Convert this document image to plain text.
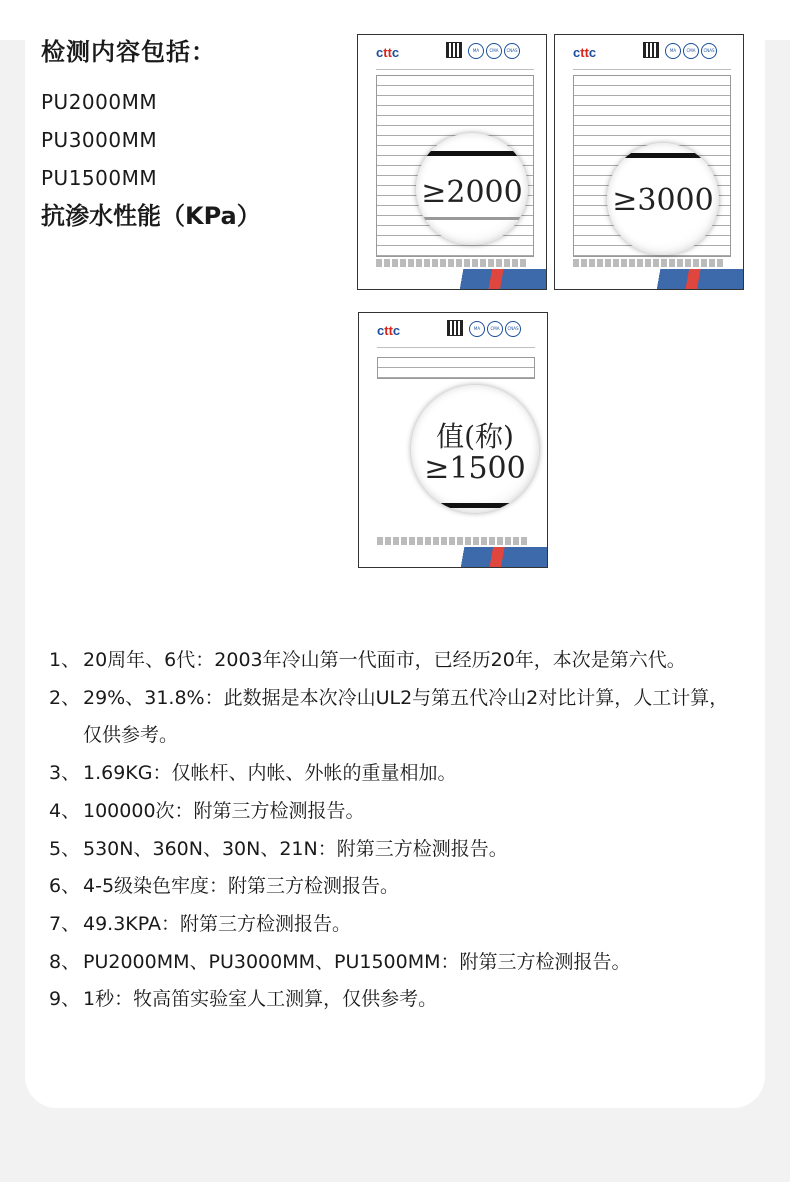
检测内容包括：
PU2000MM
PU3000MM
PU1500MM
抗渗水性能（KPa）
cttc	MA	CMA	CNAS
≥2000
cttc	MA	CMA	CNAS
≥3000
cttc	MA	CMA	CNAS
值(称)
≥1500
1、 20周年、6代：2003年冷山第一代面市，已经历20年，本次是第六代。
2、 29%、31.8%：此数据是本次冷山UL2与第五代冷山2对比计算，人工计算，仅供参考。
3、 1.69KG：仅帐杆、内帐、外帐的重量相加。
4、 100000次：附第三方检测报告。
5、 530N、360N、30N、21N：附第三方检测报告。
6、 4-5级染色牢度：附第三方检测报告。
7、 49.3KPA：附第三方检测报告。
8、 PU2000MM、PU3000MM、PU1500MM：附第三方检测报告。
9、 1秒：牧高笛实验室人工测算，仅供参考。
